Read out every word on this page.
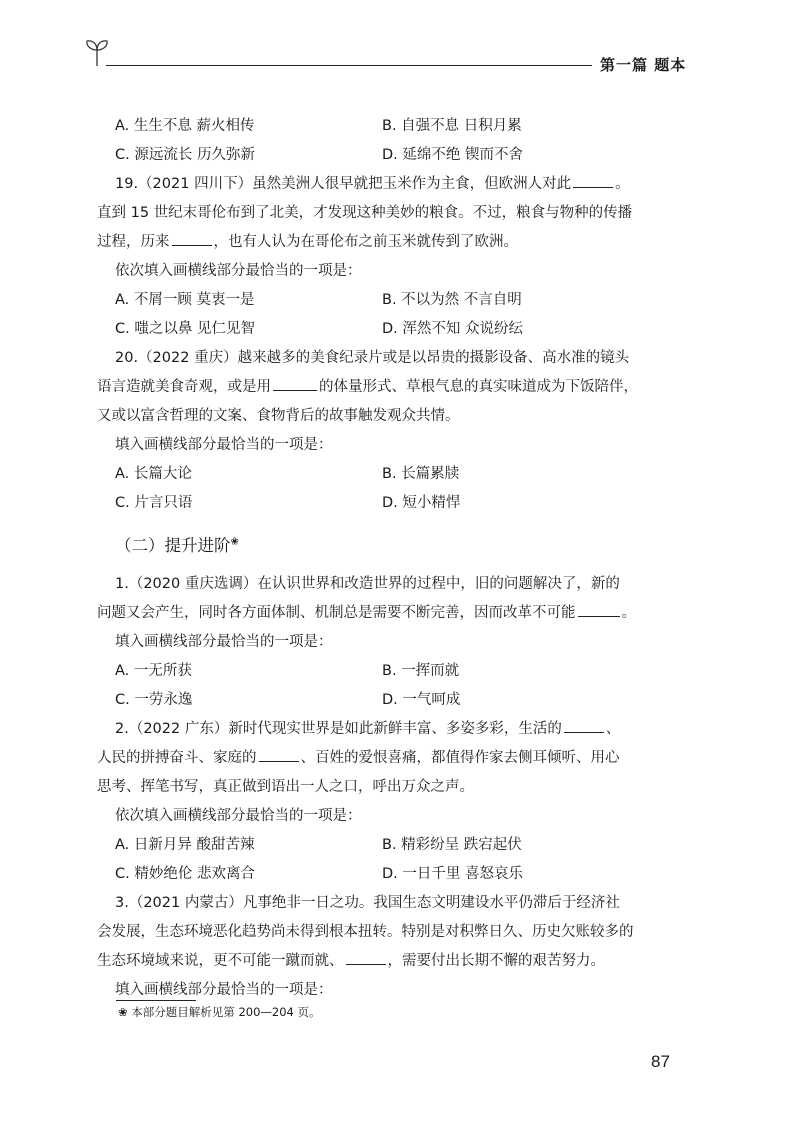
第一篇 题本
A. 生生不息 薪火相传	B. 自强不息 日积月累
C. 源远流长 历久弥新	D. 延绵不绝 锲而不舍
19.（2021 四川下）虽然美洲人很早就把玉米作为主食，但欧洲人对此	。
直到 15 世纪末哥伦布到了北美，才发现这种美妙的粮食。不过，粮食与物种的传播
过程，历来	，也有人认为在哥伦布之前玉米就传到了欧洲。
依次填入画横线部分最恰当的一项是：
A. 不屑一顾 莫衷一是	B. 不以为然 不言自明
C. 嗤之以鼻 见仁见智	D. 浑然不知 众说纷纭
20.（2022 重庆）越来越多的美食纪录片或是以昂贵的摄影设备、高水准的镜头
语言造就美食奇观，或是用	的体量形式、草根气息的真实味道成为下饭陪伴，
又或以富含哲理的文案、食物背后的故事触发观众共情。
填入画横线部分最恰当的一项是：
A. 长篇大论	B. 长篇累牍
C. 片言只语	D. 短小精悍
（二）提升进阶❀
1.（2020 重庆选调）在认识世界和改造世界的过程中，旧的问题解决了，新的
问题又会产生，同时各方面体制、机制总是需要不断完善，因而改革不可能	。
填入画横线部分最恰当的一项是：
A. 一无所获	B. 一挥而就
C. 一劳永逸	D. 一气呵成
2.（2022 广东）新时代现实世界是如此新鲜丰富、多姿多彩，生活的	、
人民的拼搏奋斗、家庭的	、百姓的爱恨喜痛，都值得作家去侧耳倾听、用心
思考、挥笔书写，真正做到语出一人之口，呼出万众之声。
依次填入画横线部分最恰当的一项是：
A. 日新月异 酸甜苦辣	B. 精彩纷呈 跌宕起伏
C. 精妙绝伦 悲欢离合	D. 一日千里 喜怒哀乐
3.（2021 内蒙古）凡事绝非一日之功。我国生态文明建设水平仍滞后于经济社
会发展，生态环境恶化趋势尚未得到根本扭转。特别是对积弊日久、历史欠账较多的
生态环境域来说，更不可能一蹴而就、	，需要付出长期不懈的艰苦努力。
填入画横线部分最恰当的一项是：
❀ 本部分题目解析见第 200—204 页。
87
